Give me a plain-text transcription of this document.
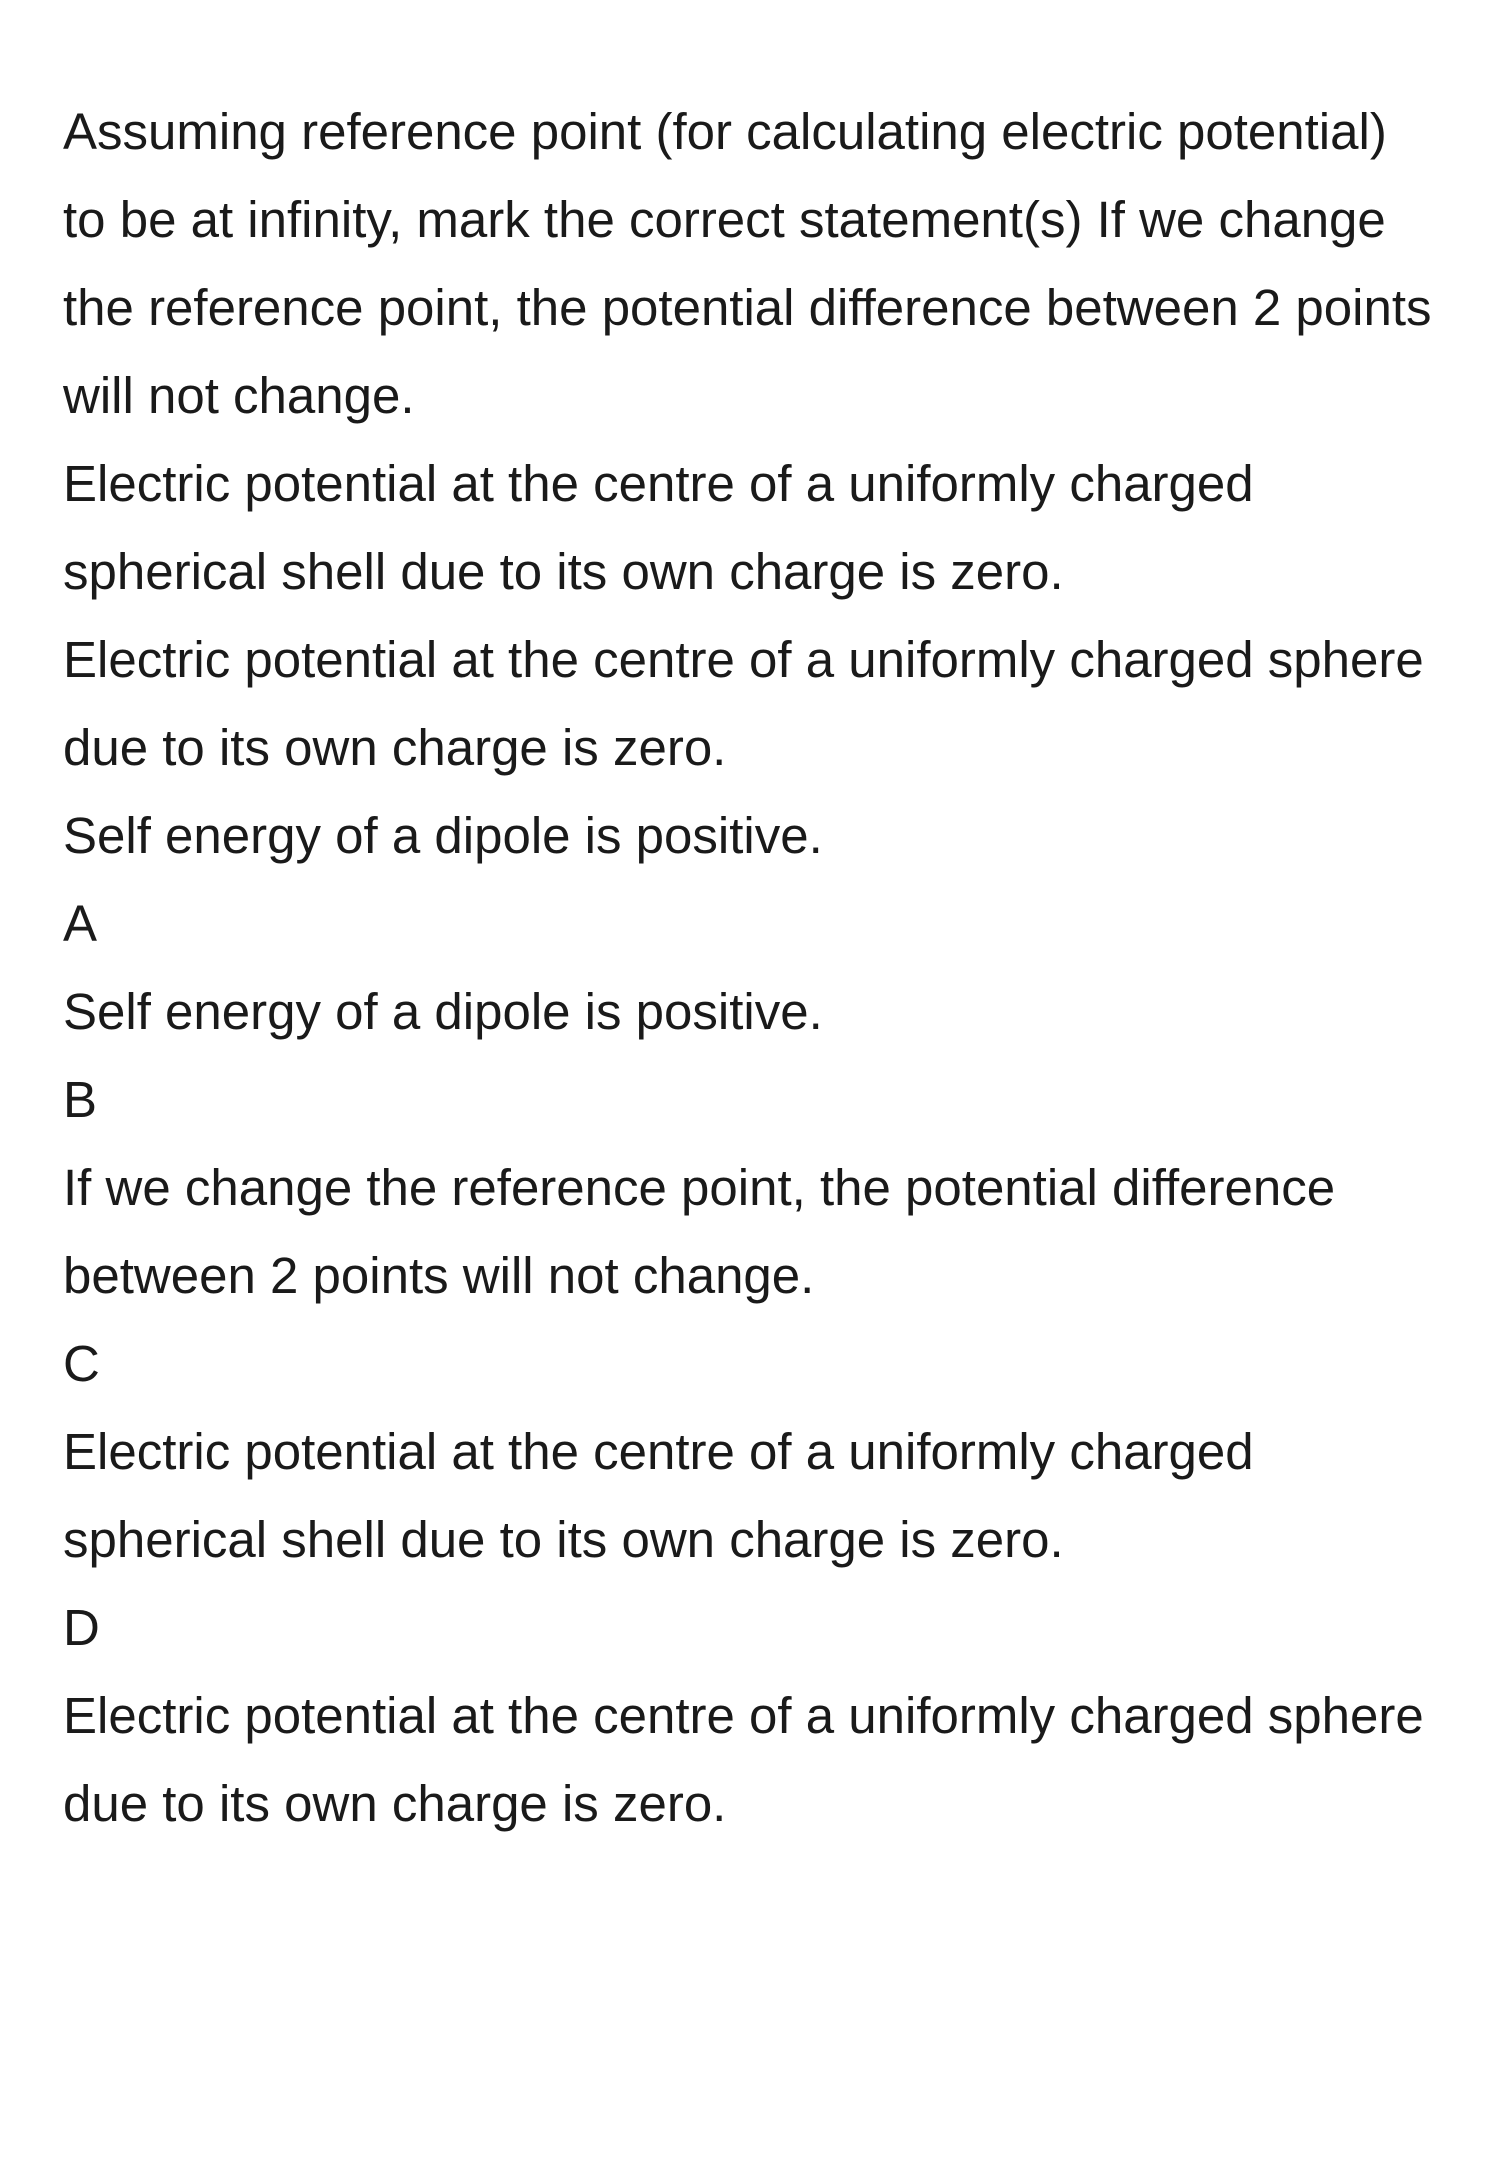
Assuming reference point (for calculating electric potential) to be at infinity, mark the correct statement(s) If we change the reference point, the potential difference between 2 points will not change.
Electric potential at the centre of a uniformly charged spherical shell due to its own charge is zero.
Electric potential at the centre of a uniformly charged sphere due to its own charge is zero.
Self energy of a dipole is positive.
A
Self energy of a dipole is positive.
B
If we change the reference point, the potential difference between 2 points will not change.
C
Electric potential at the centre of a uniformly charged spherical shell due to its own charge is zero.
D
Electric potential at the centre of a uniformly charged sphere due to its own charge is zero.
